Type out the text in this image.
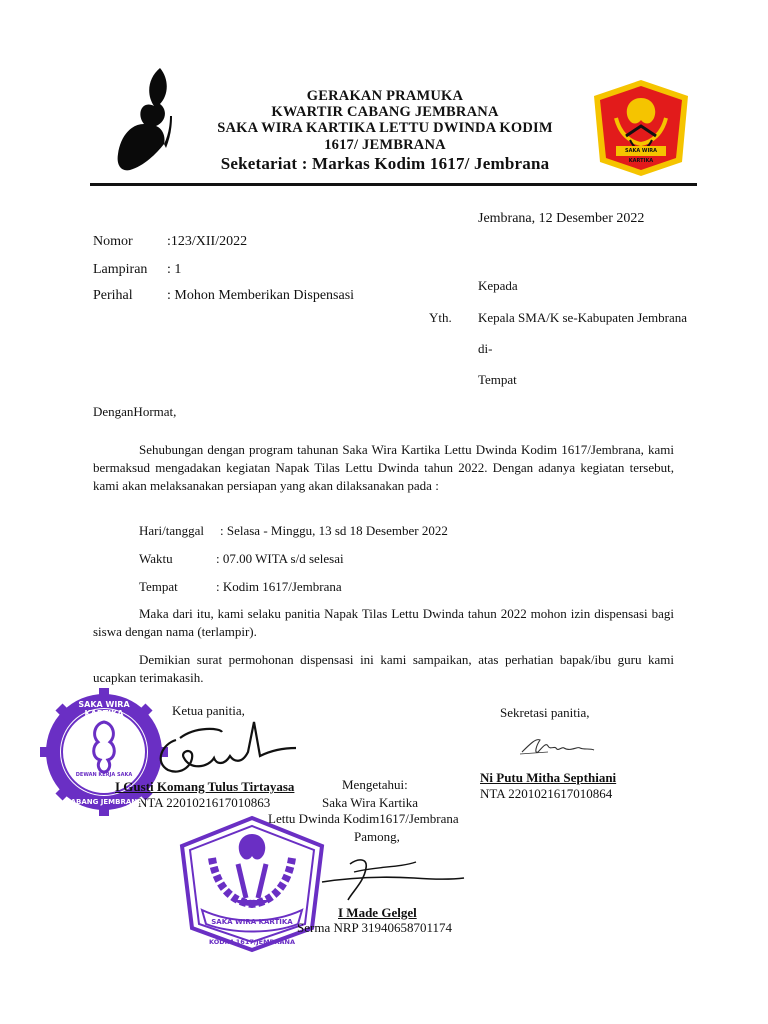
GERAKAN PRAMUKA
KWARTIR CABANG JEMBRANA
SAKA WIRA KARTIKA LETTU DWINDA KODIM
1617/ JEMBRANA
Seketariat : Markas Kodim 1617/ Jembrana
SAKA WIRA KARTIKA
Jembrana, 12 Desember 2022
Nomor :123/XII/2022
Lampiran : 1
Perihal : Mohon Memberikan Dispensasi
Kepada
Yth. Kepala SMA/K se-Kabupaten Jembrana
di-
Tempat
DenganHormat,
Sehubungan dengan program tahunan Saka Wira Kartika Lettu Dwinda Kodim 1617/Jembrana, kami bermaksud mengadakan kegiatan Napak Tilas Lettu Dwinda tahun 2022. Dengan adanya kegiatan tersebut, kami akan melaksanakan persiapan yang akan dilaksanakan pada :
Hari/tanggal : Selasa - Minggu, 13 sd 18 Desember 2022
Waktu	: 07.00 WITA s/d selesai
Tempat	: Kodim 1617/Jembrana
Maka dari itu, kami selaku panitia Napak Tilas Lettu Dwinda tahun 2022 mohon izin dispensasi bagi siswa dengan nama (terlampir).
Demikian surat permohonan dispensasi ini kami sampaikan, atas perhatian bapak/ibu guru kami ucapkan terimakasih.
DEWAN KERJA SAKA
Ketua panitia,
I Gusti Komang Tulus Tirtayasa
NTA 2201021617010863
Sekretasi panitia,
Ni Putu Mitha Septhiani
NTA 2201021617010864
Mengetahui:
Saka Wira Kartika
Lettu Dwinda Kodim1617/Jembrana
Pamong,
I Made Gelgel
Serma NRP 31940658701174
SAKA WIRA KARTIKA
CABANG JEMBRANA
SAKA WIRA KARTIKA
KODIM 1617/JEMBRANA
